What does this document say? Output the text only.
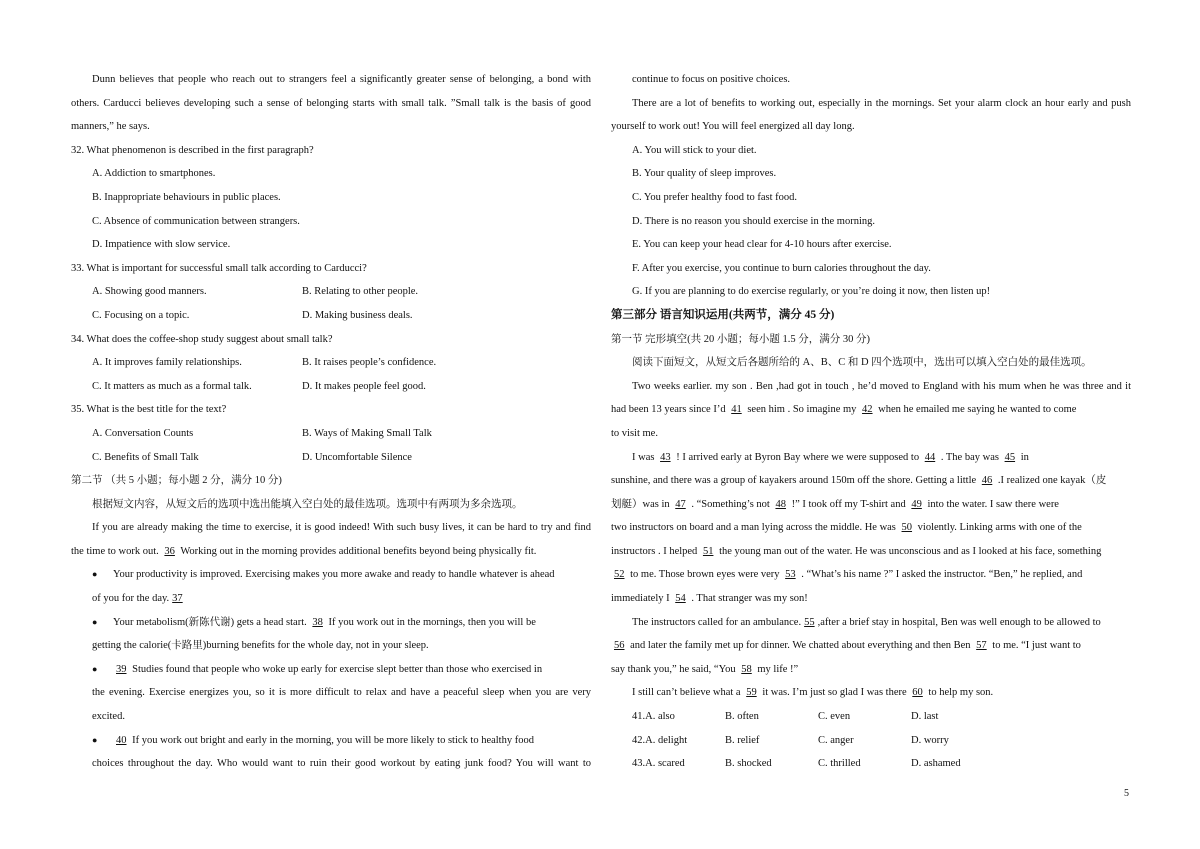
Dunn believes that people who reach out to strangers feel a significantly greater sense of belonging, a bond with
others. Carducci believes developing such a sense of belonging starts with small talk. ”Small talk is the basis of good
manners,” he says.
32. What phenomenon is described in the first paragraph?
A. Addiction to smartphones.
B. Inappropriate behaviours in public places.
C. Absence of communication between strangers.
D. Impatience with slow service.
33. What is important for successful small talk according to Carducci?
A. Showing good manners.	B. Relating to other people.
C. Focusing on a topic.	D. Making business deals.
34. What does the coffee-shop study suggest about small talk?
A. It improves family relationships.	B. It raises people’s confidence.
C. It matters as much as a formal talk.	D. It makes people feel good.
35. What is the best title for the text?
A. Conversation Counts	B. Ways of Making Small Talk
C. Benefits of Small Talk	D. Uncomfortable Silence
第二节 （共 5 小题；每小题 2 分，满分 10 分)
根据短文内容，从短文后的选项中选出能填入空白处的最佳选项。选项中有两项为多余选项。
If you are already making the time to exercise, it is good indeed! With such busy lives, it can be hard to try and find
the time to work out. 36 Working out in the morning provides additional benefits beyond being physically fit.
● Your productivity is improved. Exercising makes you more awake and ready to handle whatever is ahead
of you for the day. 37
● Your metabolism(新陈代谢) gets a head start. 38 If you work out in the mornings, then you will be
getting the calorie(卡路里)burning benefits for the whole day, not in your sleep.
● 39 Studies found that people who woke up early for exercise slept better than those who exercised in
the evening. Exercise energizes you, so it is more difficult to relax and have a peaceful sleep when you are very
excited.
● 40 If you work out bright and early in the morning, you will be more likely to stick to healthy food
choices throughout the day. Who would want to ruin their good workout by eating junk food? You will want to
continue to focus on positive choices.
There are a lot of benefits to working out, especially in the mornings. Set your alarm clock an hour early and push
yourself to work out! You will feel energized all day long.
A. You will stick to your diet.
B. Your quality of sleep improves.
C. You prefer healthy food to fast food.
D. There is no reason you should exercise in the morning.
E. You can keep your head clear for 4-10 hours after exercise.
F. After you exercise, you continue to burn calories throughout the day.
G. If you are planning to do exercise regularly, or you’re doing it now, then listen up!
第三部分 语言知识运用(共两节，满分 45 分)
第一节 完形填空(共 20 小题；每小题 1.5 分，满分 30 分)
阅读下面短文，从短文后各题所给的 A、B、C 和 D 四个选项中，选出可以填入空白处的最佳选项。
Two weeks earlier. my son . Ben ,had got in touch , he’d moved to England with his mum when he was three and it
had been 13 years since I’d 41 seen him . So imagine my 42 when he emailed me saying he wanted to come
to visit me.
I was 43 ! I arrived early at Byron Bay where we were supposed to 44 . The bay was 45 in
sunshine, and there was a group of kayakers around 150m off the shore. Getting a little 46 .I realized one kayak（皮
划艇）was in 47 . “Something’s not 48 !” I took off my T-shirt and 49 into the water. I saw there were
two instructors on board and a man lying across the middle. He was 50 violently. Linking arms with one of the
instructors . I helped 51 the young man out of the water. He was unconscious and as I looked at his face, something
52 to me. Those brown eyes were very 53 . “What’s his name ?” I asked the instructor. “Ben,” he replied, and
immediately I 54 . That stranger was my son!
The instructors called for an ambulance. 55 ,after a brief stay in hospital, Ben was well enough to be allowed to
56 and later the family met up for dinner. We chatted about everything and then Ben 57 to me. “I just want to
say thank you,” he said, “You 58 my life !”
I still can’t believe what a 59 it was. I’m just so glad I was there 60 to help my son.
41.A. also	B. often	C. even	D. last
42.A. delight	B. relief	C. anger	D. worry
43.A. scared	B. shocked	C. thrilled	D. ashamed
5
